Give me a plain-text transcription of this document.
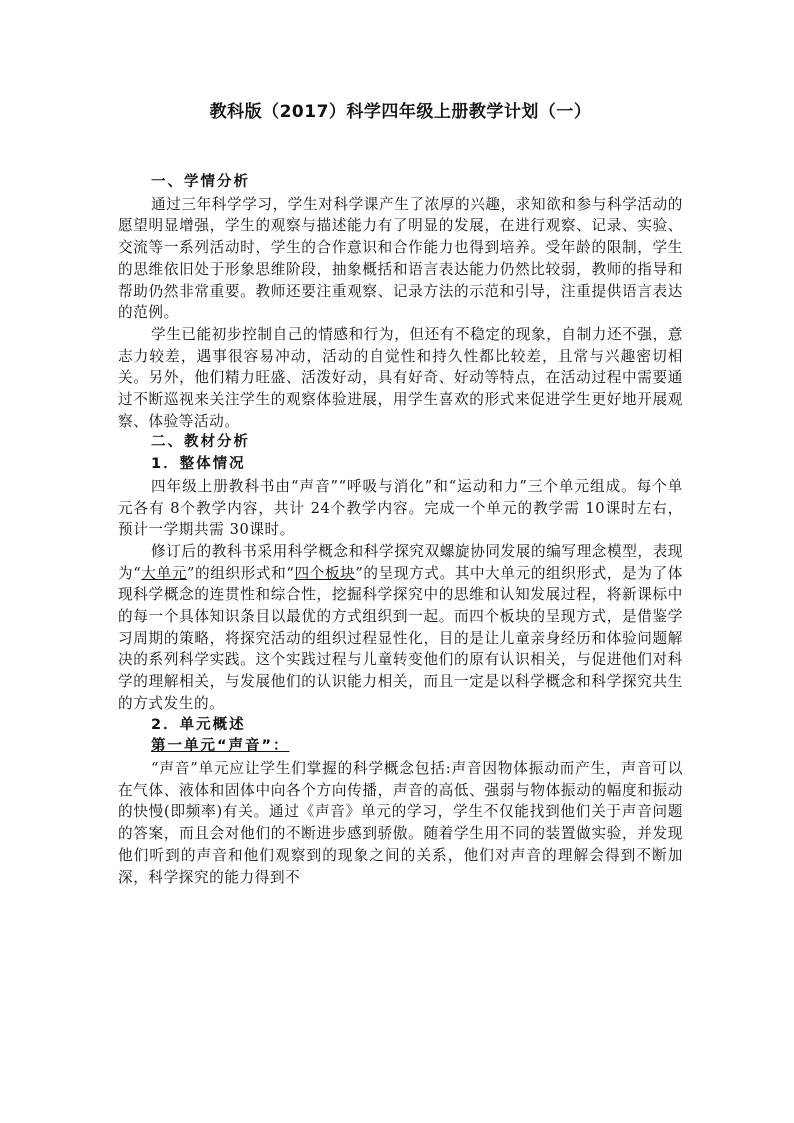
教科版（2017）科学四年级上册教学计划（一）
一、学情分析

通过三年科学学习，学生对科学课产生了浓厚的兴趣，求知欲和参与科学活动的愿望明显增强，学生的观察与描述能力有了明显的发展，在进行观察、记录、实验、交流等一系列活动时，学生的合作意识和合作能力也得到培养。受年龄的限制，学生的思维依旧处于形象思维阶段，抽象概括和语言表达能力仍然比较弱，教师的指导和帮助仍然非常重要。教师还要注重观察、记录方法的示范和引导，注重提供语言表达的范例。

学生已能初步控制自己的情感和行为，但还有不稳定的现象，自制力还不强，意志力较差，遇事很容易冲动，活动的自觉性和持久性都比较差，且常与兴趣密切相关。另外，他们精力旺盛、活泼好动，具有好奇、好动等特点，在活动过程中需要通过不断巡视来关注学生的观察体验进展，用学生喜欢的形式来促进学生更好地开展观察、体验等活动。

二、教材分析
1．整体情况

四年级上册教科书由“声音”“呼吸与消化”和“运动和力”三个单元组成。每个单元各有 8个教学内容，共计 24个教学内容。完成一个单元的教学需 10课时左右，预计一学期共需 30课时。

修订后的教科书采用科学概念和科学探究双螺旋协同发展的编写理念模型，表现为“大单元”的组织形式和“四个板块”的呈现方式。其中大单元的组织形式，是为了体现科学概念的连贯性和综合性，挖掘科学探究中的思维和认知发展过程，将新课标中的每一个具体知识条目以最优的方式组织到一起。而四个板块的呈现方式，是借鉴学习周期的策略，将探究活动的组织过程显性化，目的是让儿童亲身经历和体验问题解决的系列科学实践。这个实践过程与儿童转变他们的原有认识相关，与促进他们对科学的理解相关，与发展他们的认识能力相关，而且一定是以科学概念和科学探究共生的方式发生的。

2．单元概述
第一单元“声音”：

“声音”单元应让学生们掌握的科学概念包括:声音因物体振动而产生，声音可以在气体、液体和固体中向各个方向传播，声音的高低、强弱与物体振动的幅度和振动的快慢(即频率)有关。通过《声音》单元的学习，学生不仅能找到他们关于声音问题的答案，而且会对他们的不断进步感到骄傲。随着学生用不同的装置做实验，并发现他们听到的声音和他们观察到的现象之间的关系，他们对声音的理解会得到不断加深，科学探究的能力得到不
